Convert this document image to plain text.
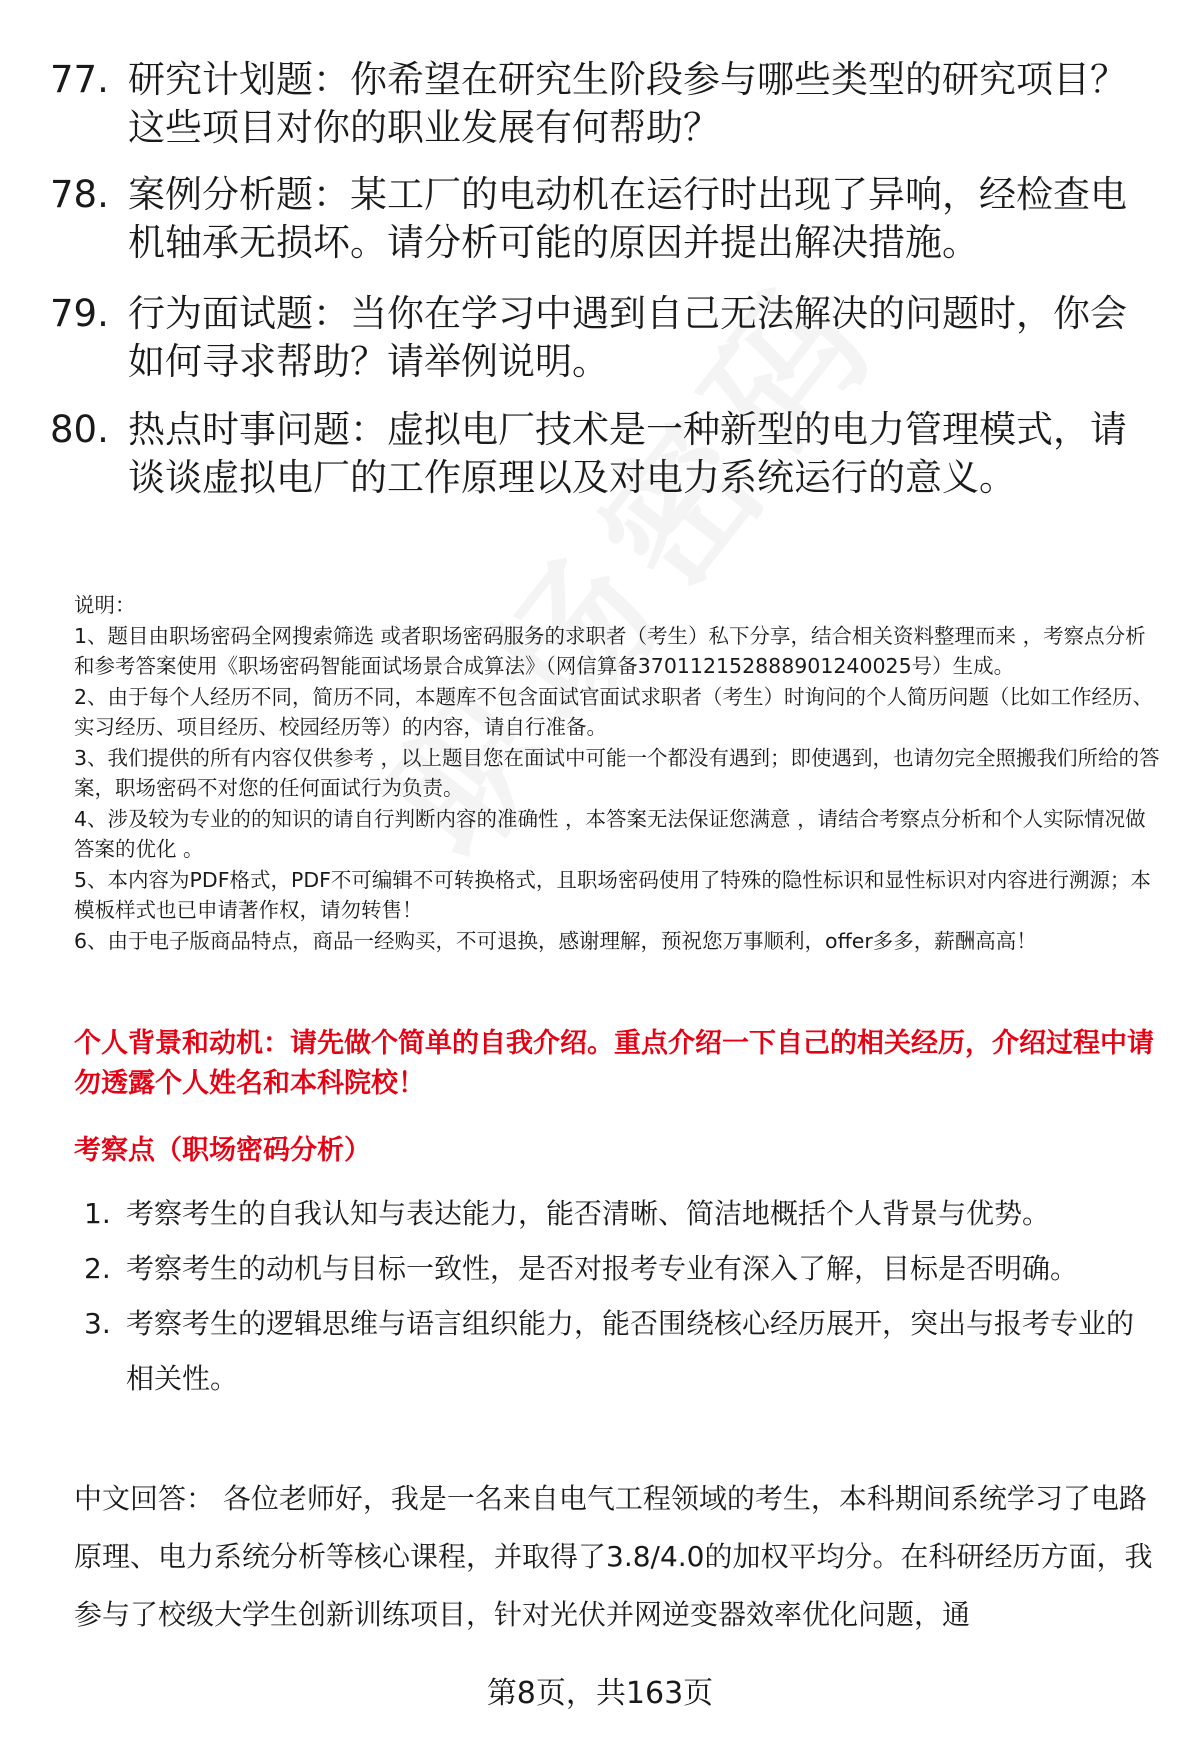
77. 研究计划题：你希望在研究生阶段参与哪些类型的研究项目？这些项目对你的职业发展有何帮助？
78. 案例分析题：某工厂的电动机在运行时出现了异响，经检查电机轴承无损坏。请分析可能的原因并提出解决措施。
79. 行为面试题：当你在学习中遇到自己无法解决的问题时，你会如何寻求帮助？请举例说明。
80. 热点时事问题：虚拟电厂技术是一种新型的电力管理模式，请谈谈虚拟电厂的工作原理以及对电力系统运行的意义。
说明：
1、题目由职场密码全网搜索筛选 或者职场密码服务的求职者（考生）私下分享，结合相关资料整理而来 ，考察点分析和参考答案使用《职场密码智能面试场景合成算法》（网信算备370112152888901240025号）生成。
2、由于每个人经历不同，简历不同，本题库不包含面试官面试求职者（考生）时询问的个人简历问题（比如工作经历、实习经历、项目经历、校园经历等）的内容，请自行准备。
3、我们提供的所有内容仅供参考 ，以上题目您在面试中可能一个都没有遇到；即使遇到，也请勿完全照搬我们所给的答案，职场密码不对您的任何面试行为负责。
4、涉及较为专业的的知识的请自行判断内容的准确性 ，本答案无法保证您满意 ，请结合考察点分析和个人实际情况做答案的优化 。
5、本内容为PDF格式，PDF不可编辑不可转换格式，且职场密码使用了特殊的隐性标识和显性标识对内容进行溯源；本模板样式也已申请著作权，请勿转售！
6、由于电子版商品特点，商品一经购买，不可退换，感谢理解，预祝您万事顺利，offer多多，薪酬高高！
个人背景和动机：请先做个简单的自我介绍。重点介绍一下自己的相关经历，介绍过程中请勿透露个人姓名和本科院校！
考察点（职场密码分析）
1. 考察考生的自我认知与表达能力，能否清晰、简洁地概括个人背景与优势。
2. 考察考生的动机与目标一致性，是否对报考专业有深入了解，目标是否明确。
3. 考察考生的逻辑思维与语言组织能力，能否围绕核心经历展开，突出与报考专业的相关性。
中文回答： 各位老师好，我是一名来自电气工程领域的考生，本科期间系统学习了电路原理、电力系统分析等核心课程，并取得了3.8/4.0的加权平均分。在科研经历方面，我参与了校级大学生创新训练项目，针对光伏并网逆变器效率优化问题，通
第8页，共163页
